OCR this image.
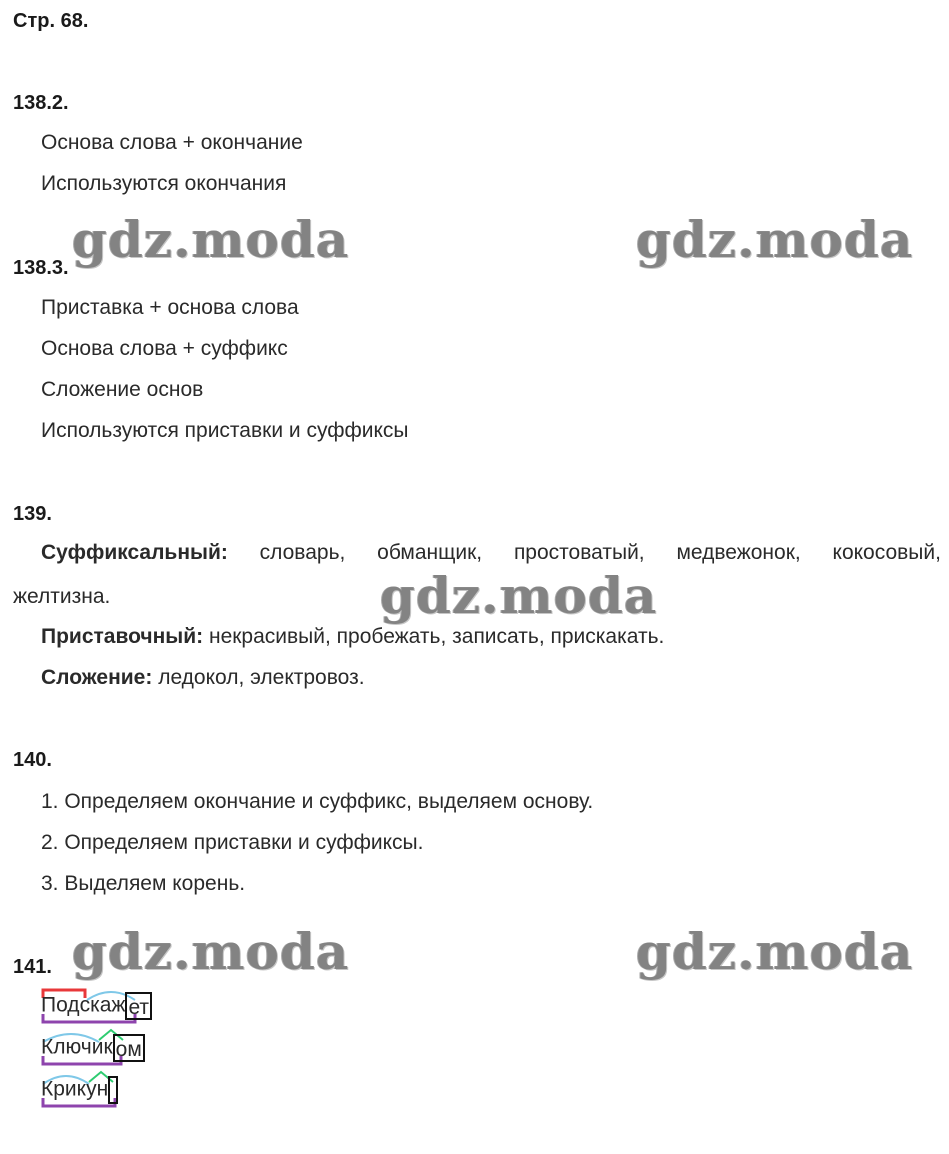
Стр. 68.
138.2.
Основа слова + окончание
Используются окончания
138.3.
Приставка + основа слова
Основа слова + суффикс
Сложение основ
Используются приставки и суффиксы
139.
Суффиксальный: словарь, обманщик, простоватый, медвежонок, кокосовый,
желтизна.
Приставочный: некрасивый, пробежать, записать, прискакать.
Сложение: ледокол, электровоз.
140.
1. Определяем окончание и суффикс, выделяем основу.
2. Определяем приставки и суффиксы.
3. Выделяем корень.
141.
Подскаж ет
Ключик ом
Крикун
gdz.moda	gdz.moda
gdz.moda
gdz.moda	gdz.moda
